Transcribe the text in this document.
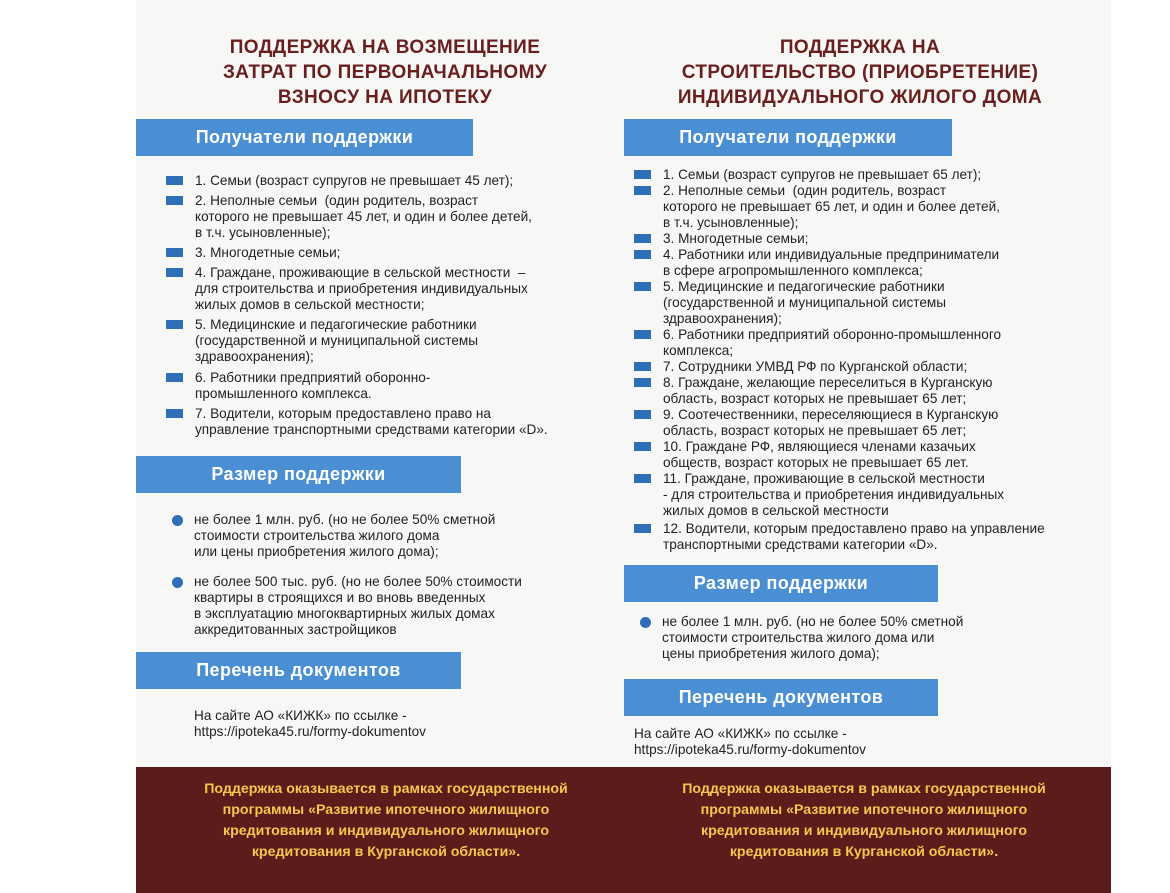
ПОДДЕРЖКА НА ВОЗМЕЩЕНИЕ
ЗАТРАТ ПО ПЕРВОНАЧАЛЬНОМУ
ВЗНОСУ НА ИПОТЕКУ
Получатели поддержки
1. Семьи (возраст супругов не превышает 45 лет);
2. Неполные семьи  (один родитель, возраст
которого не превышает 45 лет, и один и более детей,
в т.ч. усыновленные);
3. Многодетные семьи;
4. Граждане, проживающие в сельской местности  –
для строительства и приобретения индивидуальных
жилых домов в сельской местности;
5. Медицинские и педагогические работники
(государственной и муниципальной системы
здравоохранения);
6. Работники предприятий оборонно-
промышленного комплекса.
7. Водители, которым предоставлено право на
управление транспортными средствами категории «D».
Размер поддержки
не более 1 млн. руб. (но не более 50% сметной
стоимости строительства жилого дома
или цены приобретения жилого дома);
не более 500 тыс. руб. (но не более 50% стоимости
квартиры в строящихся и во вновь введенных
в эксплуатацию многоквартирных жилых домах
аккредитованных застройщиков
Перечень документов
На сайте АО «КИЖК» по ссылке -
https://ipoteka45.ru/formy-dokumentov
ПОДДЕРЖКА НА
СТРОИТЕЛЬСТВО (ПРИОБРЕТЕНИЕ)
ИНДИВИДУАЛЬНОГО ЖИЛОГО ДОМА
Получатели поддержки
1. Семьи (возраст супругов не превышает 65 лет);
2. Неполные семьи  (один родитель, возраст
которого не превышает 65 лет, и один и более детей,
в т.ч. усыновленные);
3. Многодетные семьи;
4. Работники или индивидуальные предприниматели
в сфере агропромышленного комплекса;
5. Медицинские и педагогические работники
(государственной и муниципальной системы
здравоохранения);
6. Работники предприятий оборонно-промышленного
комплекса;
7. Сотрудники УМВД РФ по Курганской области;
8. Граждане, желающие переселиться в Курганскую
область, возраст которых не превышает 65 лет;
9. Соотечественники, переселяющиеся в Курганскую
область, возраст которых не превышает 65 лет;
10. Граждане РФ, являющиеся членами казачьих
обществ, возраст которых не превышает 65 лет.
11. Граждане, проживающие в сельской местности
- для строительства и приобретения индивидуальных
жилых домов в сельской местности
12. Водители, которым предоставлено право на управление
транспортными средствами категории «D».
Размер поддержки
не более 1 млн. руб. (но не более 50% сметной
стоимости строительства жилого дома или
цены приобретения жилого дома);
Перечень документов
На сайте АО «КИЖК» по ссылке -
https://ipoteka45.ru/formy-dokumentov
Поддержка оказывается в рамках государственной
программы «Развитие ипотечного жилищного
кредитования и индивидуального жилищного
кредитования в Курганской области».
Поддержка оказывается в рамках государственной
программы «Развитие ипотечного жилищного
кредитования и индивидуального жилищного
кредитования в Курганской области».
